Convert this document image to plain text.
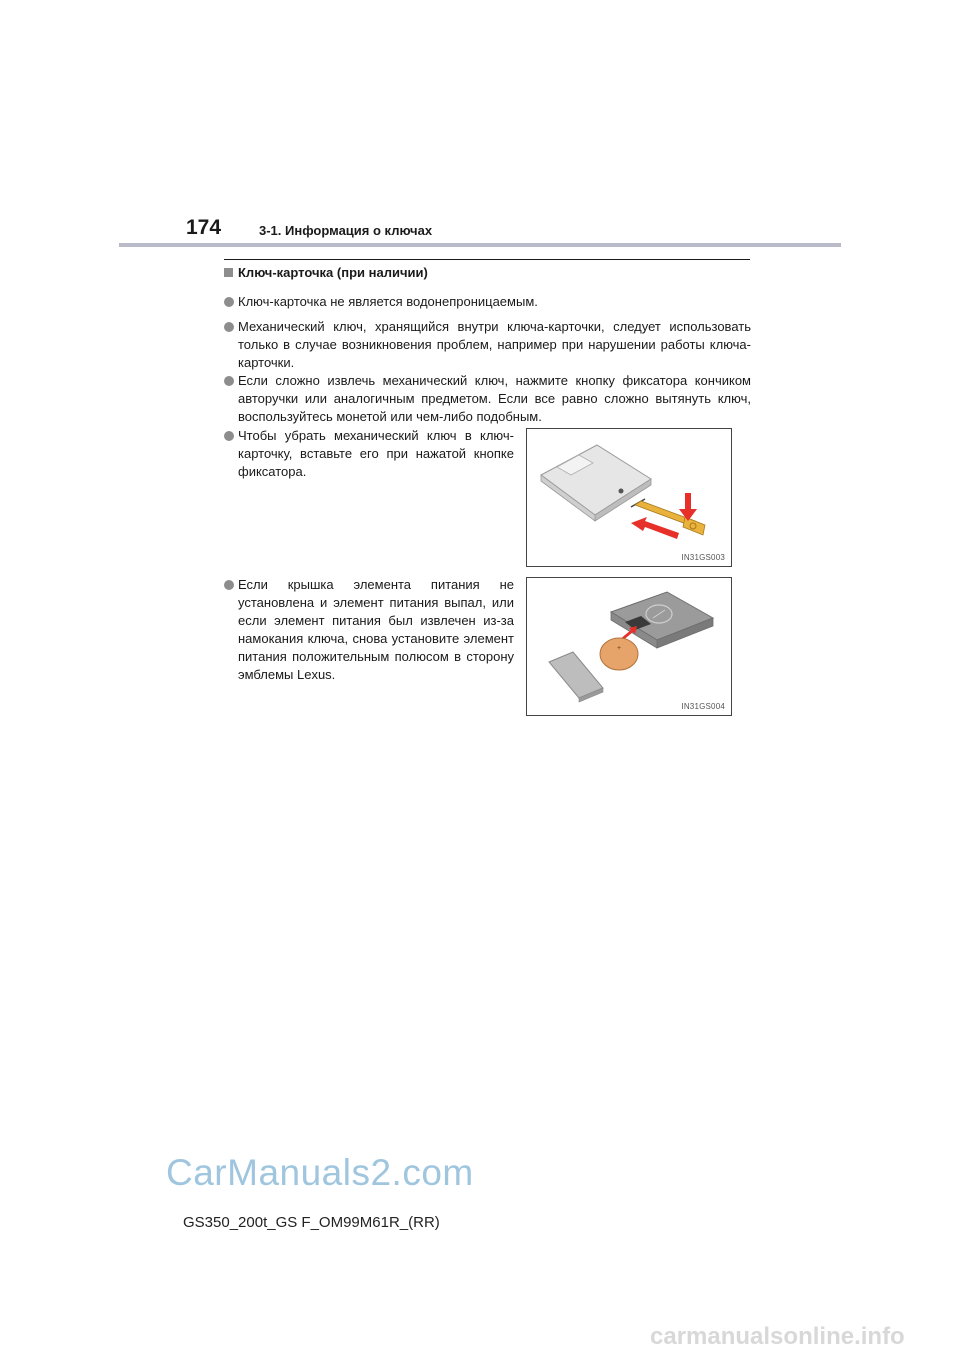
174	3-1. Информация о ключах
Ключ-карточка (при наличии)
Ключ-карточка не является водонепроницаемым.
Механический ключ, хранящийся внутри ключа-карточки, следует использовать только в случае возникновения проблем, например при нарушении работы ключа-карточки.
Если сложно извлечь механический ключ, нажмите кнопку фиксатора кончиком авторучки или аналогичным предметом. Если все равно сложно вытянуть ключ, воспользуйтесь монетой или чем-либо подобным.
Чтобы убрать механический ключ в ключ-карточку, вставьте его при нажатой кнопке фиксатора.
Если крышка элемента питания не установлена и элемент питания выпал, или если элемент питания был извлечен из-за намокания ключа, снова установите элемент питания положительным полюсом в сторону эмблемы Lexus.
IN31GS003
+
IN31GS004
CarManuals2.com
GS350_200t_GS F_OM99M61R_(RR)
carmanualsonline.info
